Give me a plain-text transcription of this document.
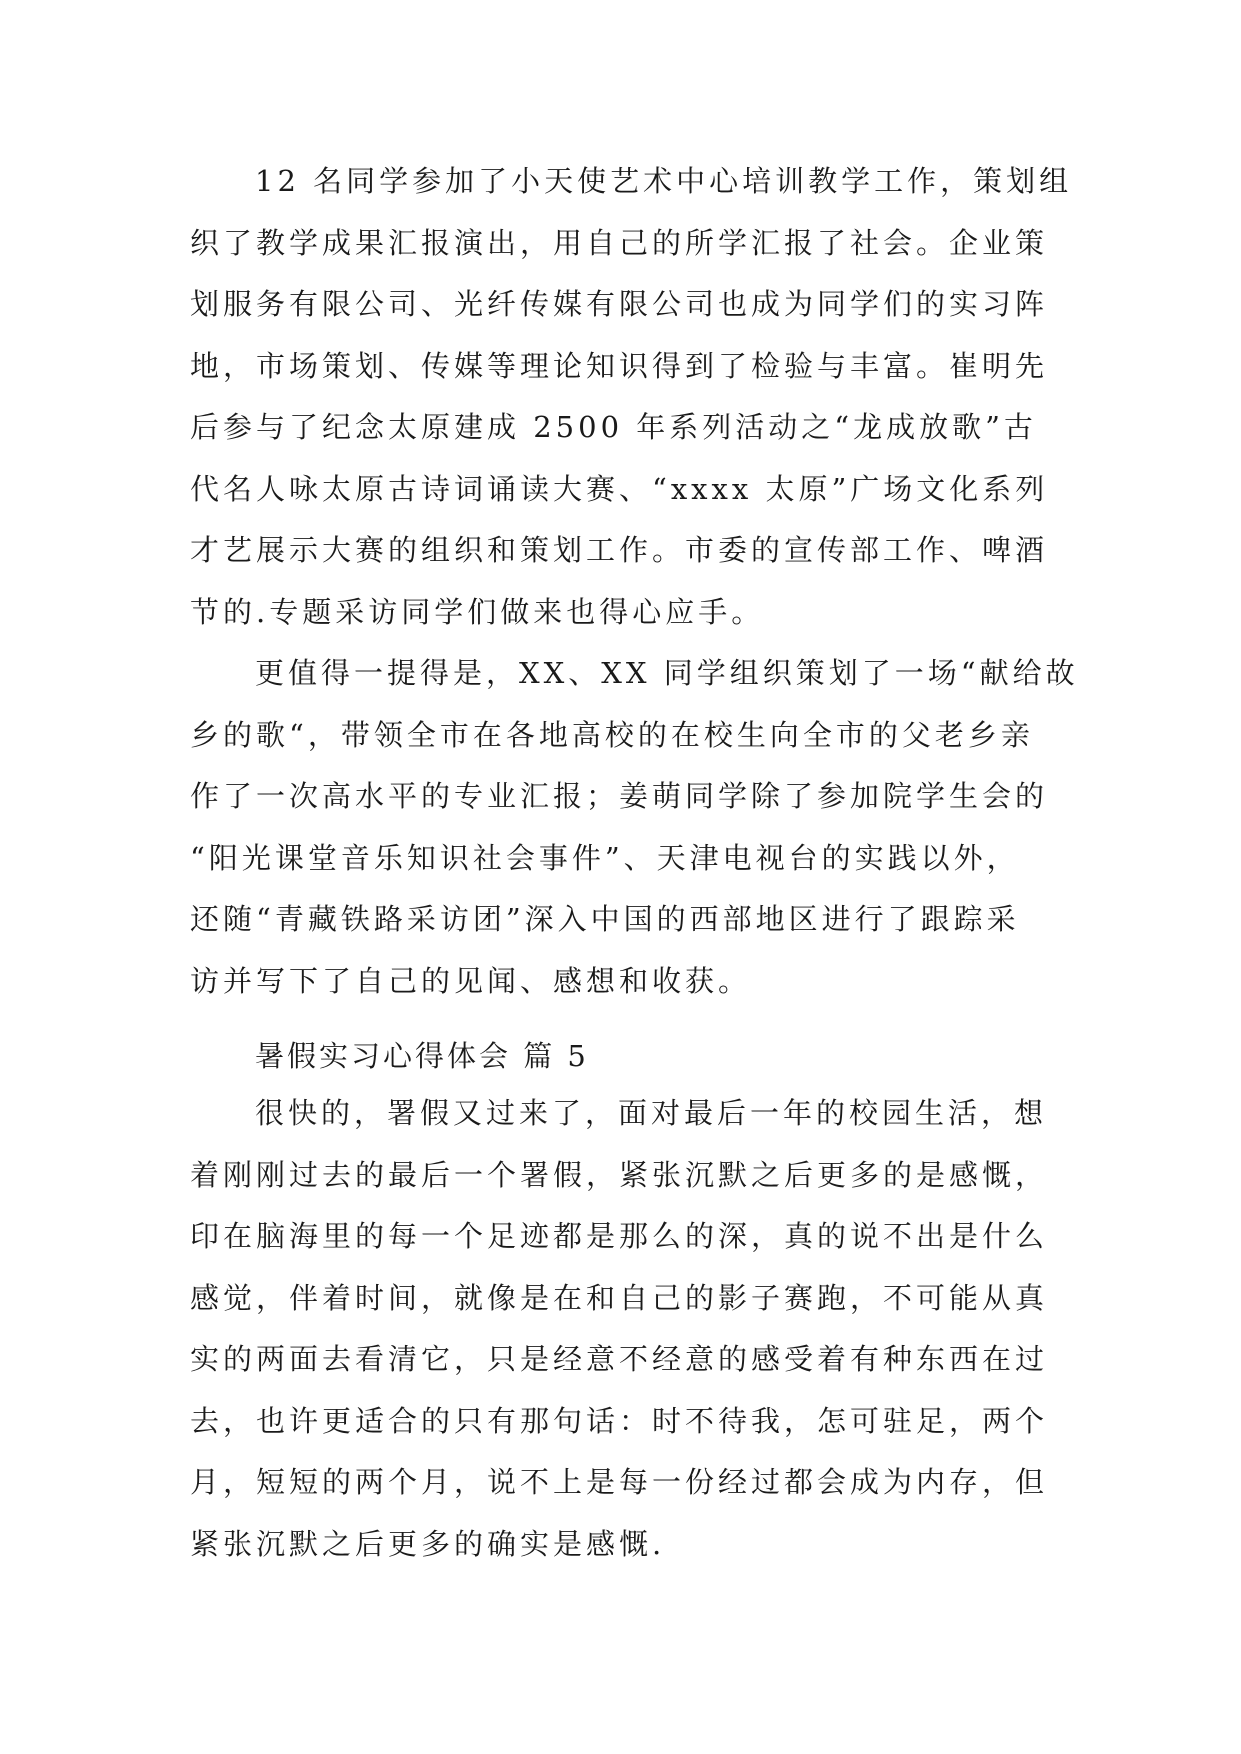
12 名同学参加了小天使艺术中心培训教学工作，策划组
织了教学成果汇报演出，用自己的所学汇报了社会。企业策
划服务有限公司、光纤传媒有限公司也成为同学们的实习阵
地，市场策划、传媒等理论知识得到了检验与丰富。崔明先
后参与了纪念太原建成 2500 年系列活动之“龙成放歌”古
代名人咏太原古诗词诵读大赛、“xxxx 太原”广场文化系列
才艺展示大赛的组织和策划工作。市委的宣传部工作、啤酒
节的.专题采访同学们做来也得心应手。
更值得一提得是，XX、XX 同学组织策划了一场“献给故
乡的歌“，带领全市在各地高校的在校生向全市的父老乡亲
作了一次高水平的专业汇报；姜萌同学除了参加院学生会的
“阳光课堂音乐知识社会事件”、天津电视台的实践以外，
还随“青藏铁路采访团”深入中国的西部地区进行了跟踪采
访并写下了自己的见闻、感想和收获。
暑假实习心得体会 篇 5
很快的，署假又过来了，面对最后一年的校园生活，想
着刚刚过去的最后一个署假，紧张沉默之后更多的是感慨，
印在脑海里的每一个足迹都是那么的深，真的说不出是什么
感觉，伴着时间，就像是在和自己的影子赛跑，不可能从真
实的两面去看清它，只是经意不经意的感受着有种东西在过
去，也许更适合的只有那句话：时不待我，怎可驻足，两个
月，短短的两个月，说不上是每一份经过都会成为内存，但
紧张沉默之后更多的确实是感慨.
